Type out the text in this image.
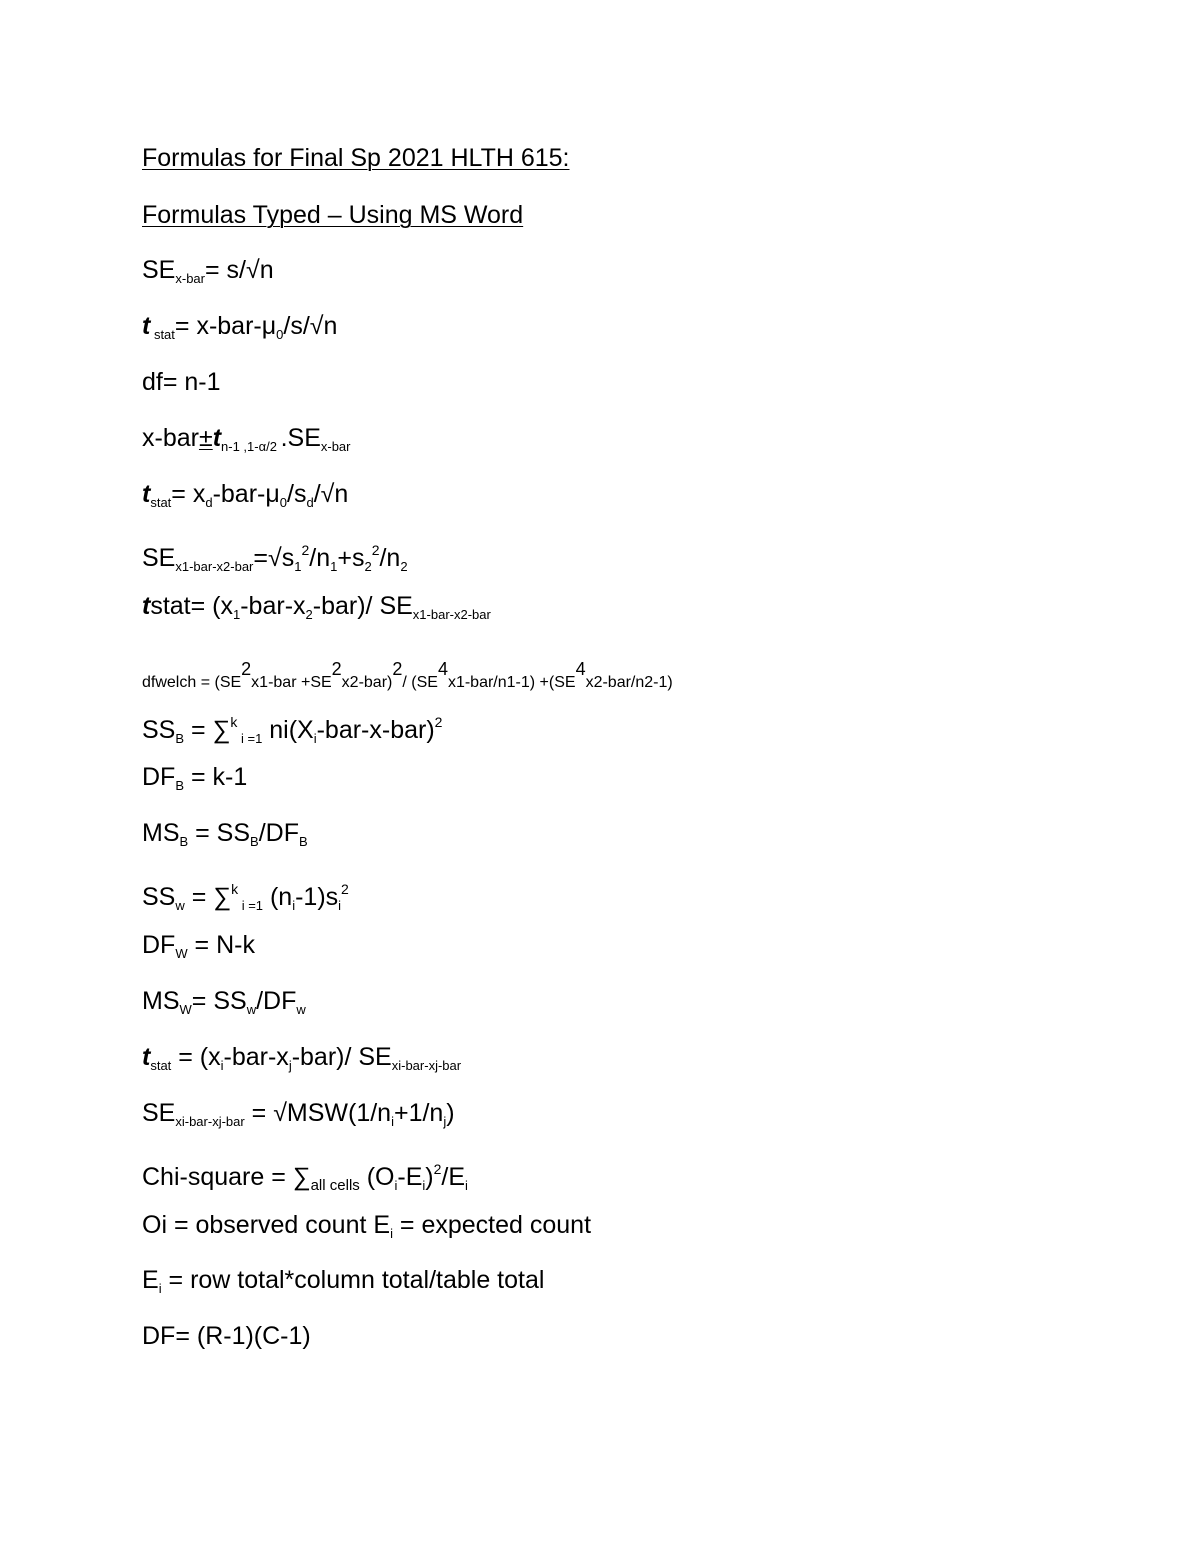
Formulas for Final Sp 2021 HLTH 615:
Formulas Typed – Using MS Word
$SE_{x-bar}= s/√n$
t $_{stat}= x-bar-\mu_0/s/√n$
df= n-1
$x-bar\pm t_{n-1 ,1-\alpha/2}$ $.SE_{x-bar}$
$t_{stat}= x_d-bar-\mu_0/s_d/√n$
$SE_{x1-bar-x2-bar}=√s_1^2/n_1+s_2^2/n_2$
tstat= $(x_1-bar-x_2-bar)/$ $SE_{x1-bar-x2-bar}$
dfwelch = (SE2x1-bar +SE2x2-bar)2/ (SE4x1-bar/n1-1) +(SE4x2-bar/n2-1)
$SS_B = \sum^k$ $_{i =1}$ $ni(X_i-bar-x-bar)^2$
$DF_B = k-1$
$MS_B = SS_B/DF_B$
$SS_w = \sum^k$ $_{i =1}$ $(n_i-1)s_i^2$
$DF_W = N-k$
$MS_W= SS_w/DF_w$
$t_{stat} = (x_i-bar-x_j-bar)/$ $SE_{xi-bar-xj-bar}$
$SE_{xi-bar-xj-bar} = √MSW(1/n_i+1/n_j)$
Chi-square = $\sum_{all cells}$ $(O_i-E_i)^2/E_i$
Oi = observed count $E_i$ = expected count
$E_i$ = row total*column total/table total
DF= (R-1)(C-1)
